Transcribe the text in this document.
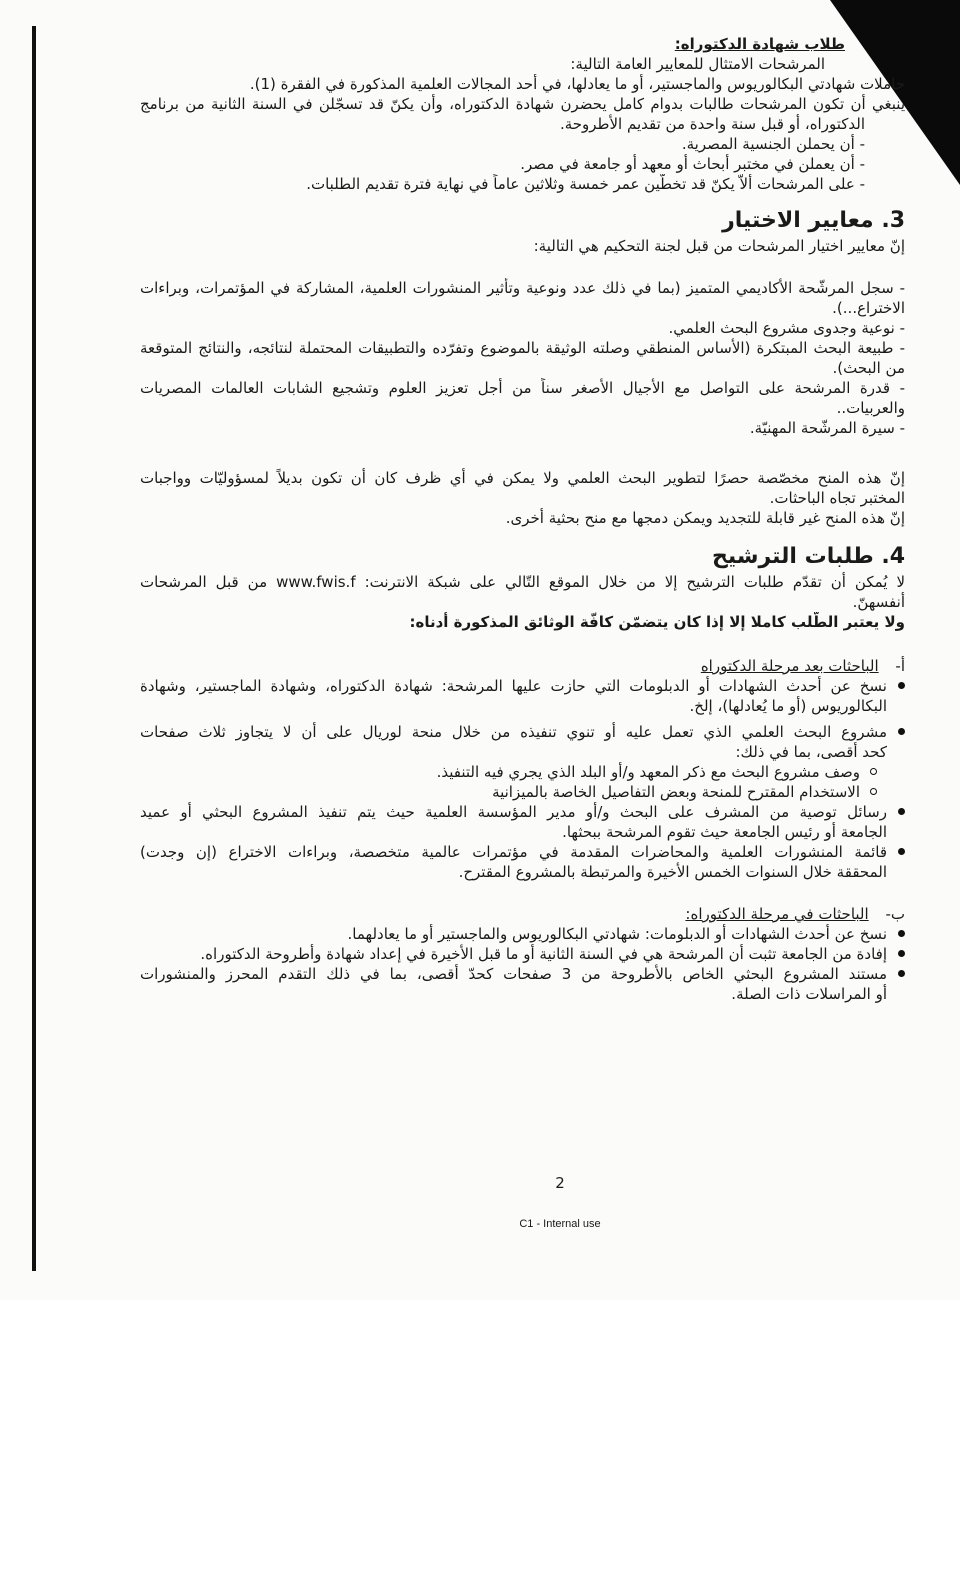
طلاب شهادة الدكتوراه:
المرشحات الامتثال للمعايير العامة التالية:
حاملات شهادتي البكالوريوس والماجستير، أو ما يعادلها، في أحد المجالات العلمية المذكورة في الفقرة (1).
ينبغي أن تكون المرشحات طالبات بدوام كامل يحضرن شهادة الدكتوراه، وأن يكنّ قد تسجّلن في السنة الثانية من برنامج
الدكتوراه، أو قبل سنة واحدة من تقديم الأطروحة.
- أن يحملن الجنسية المصرية.
- أن يعملن في مختبر أبحاث أو معهد أو جامعة في مصر.
- على المرشحات ألاّ يكنّ قد تخطّين عمر خمسة وثلاثين عاماً في نهاية فترة تقديم الطلبات.
3. معايير الاختيار
إنّ معايير اختيار المرشحات من قبل لجنة التحكيم هي التالية:
- سجل المرشّحة الأكاديمي المتميز (بما في ذلك عدد ونوعية وتأثير المنشورات العلمية، المشاركة في المؤتمرات، وبراءات
الاختراع...).
- نوعية وجدوى مشروع البحث العلمي.
- طبيعة البحث المبتكرة (الأساس المنطقي وصلته الوثيقة بالموضوع وتفرّده والتطبيقات المحتملة لنتائجه، والنتائج المتوقعة
من البحث).
- قدرة المرشحة على التواصل مع الأجيال الأصغر سناً من أجل تعزيز العلوم وتشجيع الشابات العالمات المصريات
والعربيات..
- سيرة المرشّحة المهنيّة.
إنّ هذه المنح مخصّصة حصرًا لتطوير البحث العلمي ولا يمكن في أي ظرف كان أن تكون بديلاً لمسؤوليّات وواجبات
المختبر تجاه الباحثات.
إنّ هذه المنح غير قابلة للتجديد ويمكن دمجها مع منح بحثية أخرى.
4. طلبات الترشيح
لا يُمكن أن تقدّم طلبات الترشيح إلا من خلال الموقع التّالي على شبكة الانترنت: www.fwis.f من قبل المرشحات
أنفسهنّ.
ولا يعتبر الطّلب كاملا إلا إذا كان يتضمّن كافّة الوثائق المذكورة أدناه:
أ- الباحثات بعد مرحلة الدكتوراه
نسخ عن أحدث الشهادات أو الدبلومات التي حازت عليها المرشحة: شهادة الدكتوراه، وشهادة الماجستير، وشهادة
البكالوريوس (أو ما يُعادلها)، إلخ.
مشروع البحث العلمي الذي تعمل عليه أو تنوي تنفيذه من خلال منحة لوريال على أن لا يتجاوز ثلاث صفحات
كحد أقصى، بما في ذلك:
وصف مشروع البحث مع ذكر المعهد و/أو البلد الذي يجري فيه التنفيذ.
الاستخدام المقترح للمنحة وبعض التفاصيل الخاصة بالميزانية
رسائل توصية من المشرف على البحث و/أو مدير المؤسسة العلمية حيث يتم تنفيذ المشروع البحثي أو عميد
الجامعة أو رئيس الجامعة حيث تقوم المرشحة ببحثها.
قائمة المنشورات العلمية والمحاضرات المقدمة في مؤتمرات عالمية متخصصة، وبراءات الاختراع (إن وجدت)
المحققة خلال السنوات الخمس الأخيرة والمرتبطة بالمشروع المقترح.
ب- الباحثات في مرحلة الدكتوراه:
نسخ عن أحدث الشهادات أو الدبلومات: شهادتي البكالوريوس والماجستير أو ما يعادلهما.
إفادة من الجامعة تثبت أن المرشحة هي في السنة الثانية أو ما قبل الأخيرة في إعداد شهادة وأطروحة الدكتوراه.
مستند المشروع البحثي الخاص بالأطروحة من 3 صفحات كحدّ أقصى، بما في ذلك التقدم المحرز والمنشورات
أو المراسلات ذات الصلة.
2
C1 - Internal use
